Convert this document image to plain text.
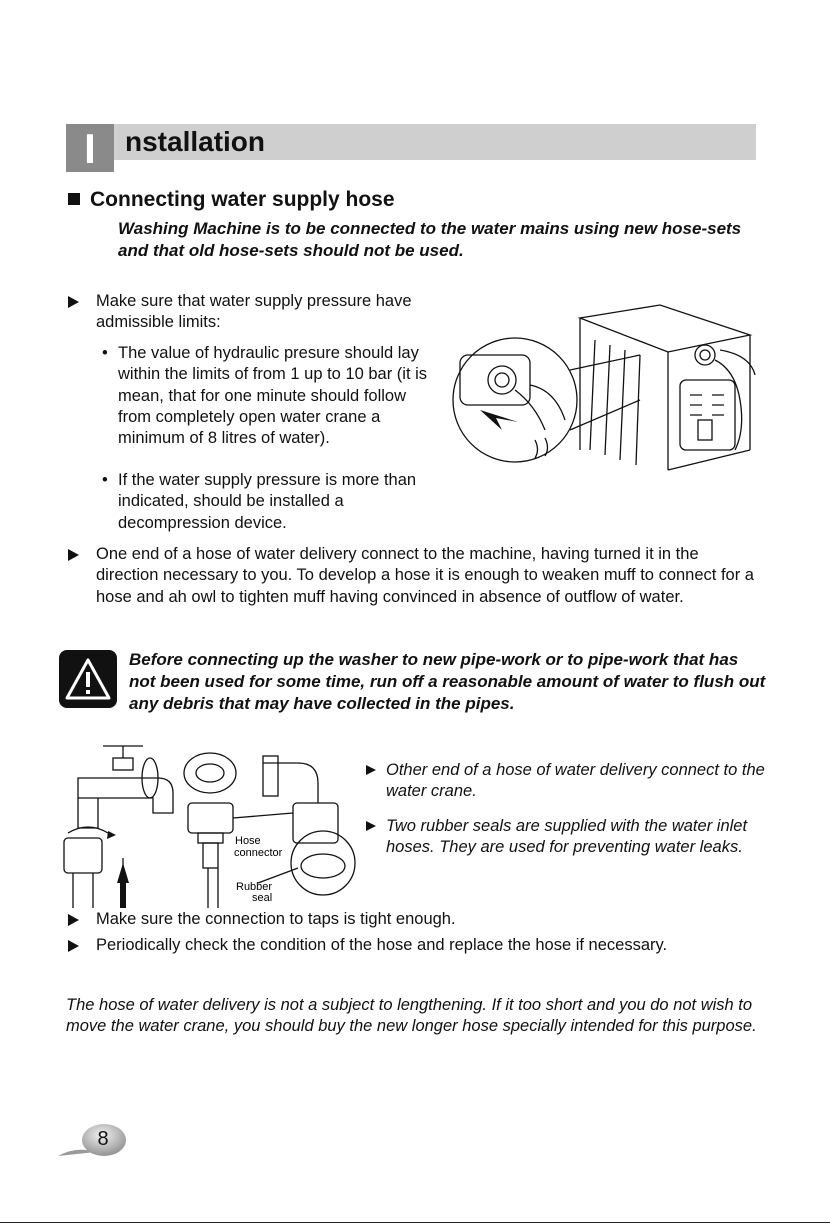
I	nstallation
Connecting water supply hose
Washing Machine is to be connected to the water mains using new hose-sets and that old hose-sets should not be used.
Make sure that water supply pressure have
admissible limits:
• The value of hydraulic presure should lay within the limits of from 1 up to 10 bar (it is mean, that for one minute should follow from completely open water crane a minimum of 8 litres of water).
• If the water supply pressure is more than indicated, should be installed a decompression device.
One end of a hose of water delivery connect to the machine, having turned it in the direction necessary to you. To develop a hose it is enough to weaken muff to connect for a hose and ah owl to tighten muff having convinced in absence of outflow of water.
Before connecting up the washer to new pipe-work or to pipe-work that has not been used for some time, run off a reasonable amount of water to flush out any debris that may have collected in the pipes.
Hose
connector
Rubber
seal
Other end of a hose of water delivery connect to the water crane.
Two rubber seals are supplied with the water inlet hoses. They are used for preventing water leaks.
Make sure the connection to taps is tight enough.
Periodically check the condition of the hose and replace the hose if necessary.
The hose of water delivery is not a subject to lengthening. If it too short and you do not wish to move the water crane, you should buy the new longer hose specially intended for this purpose.
8
